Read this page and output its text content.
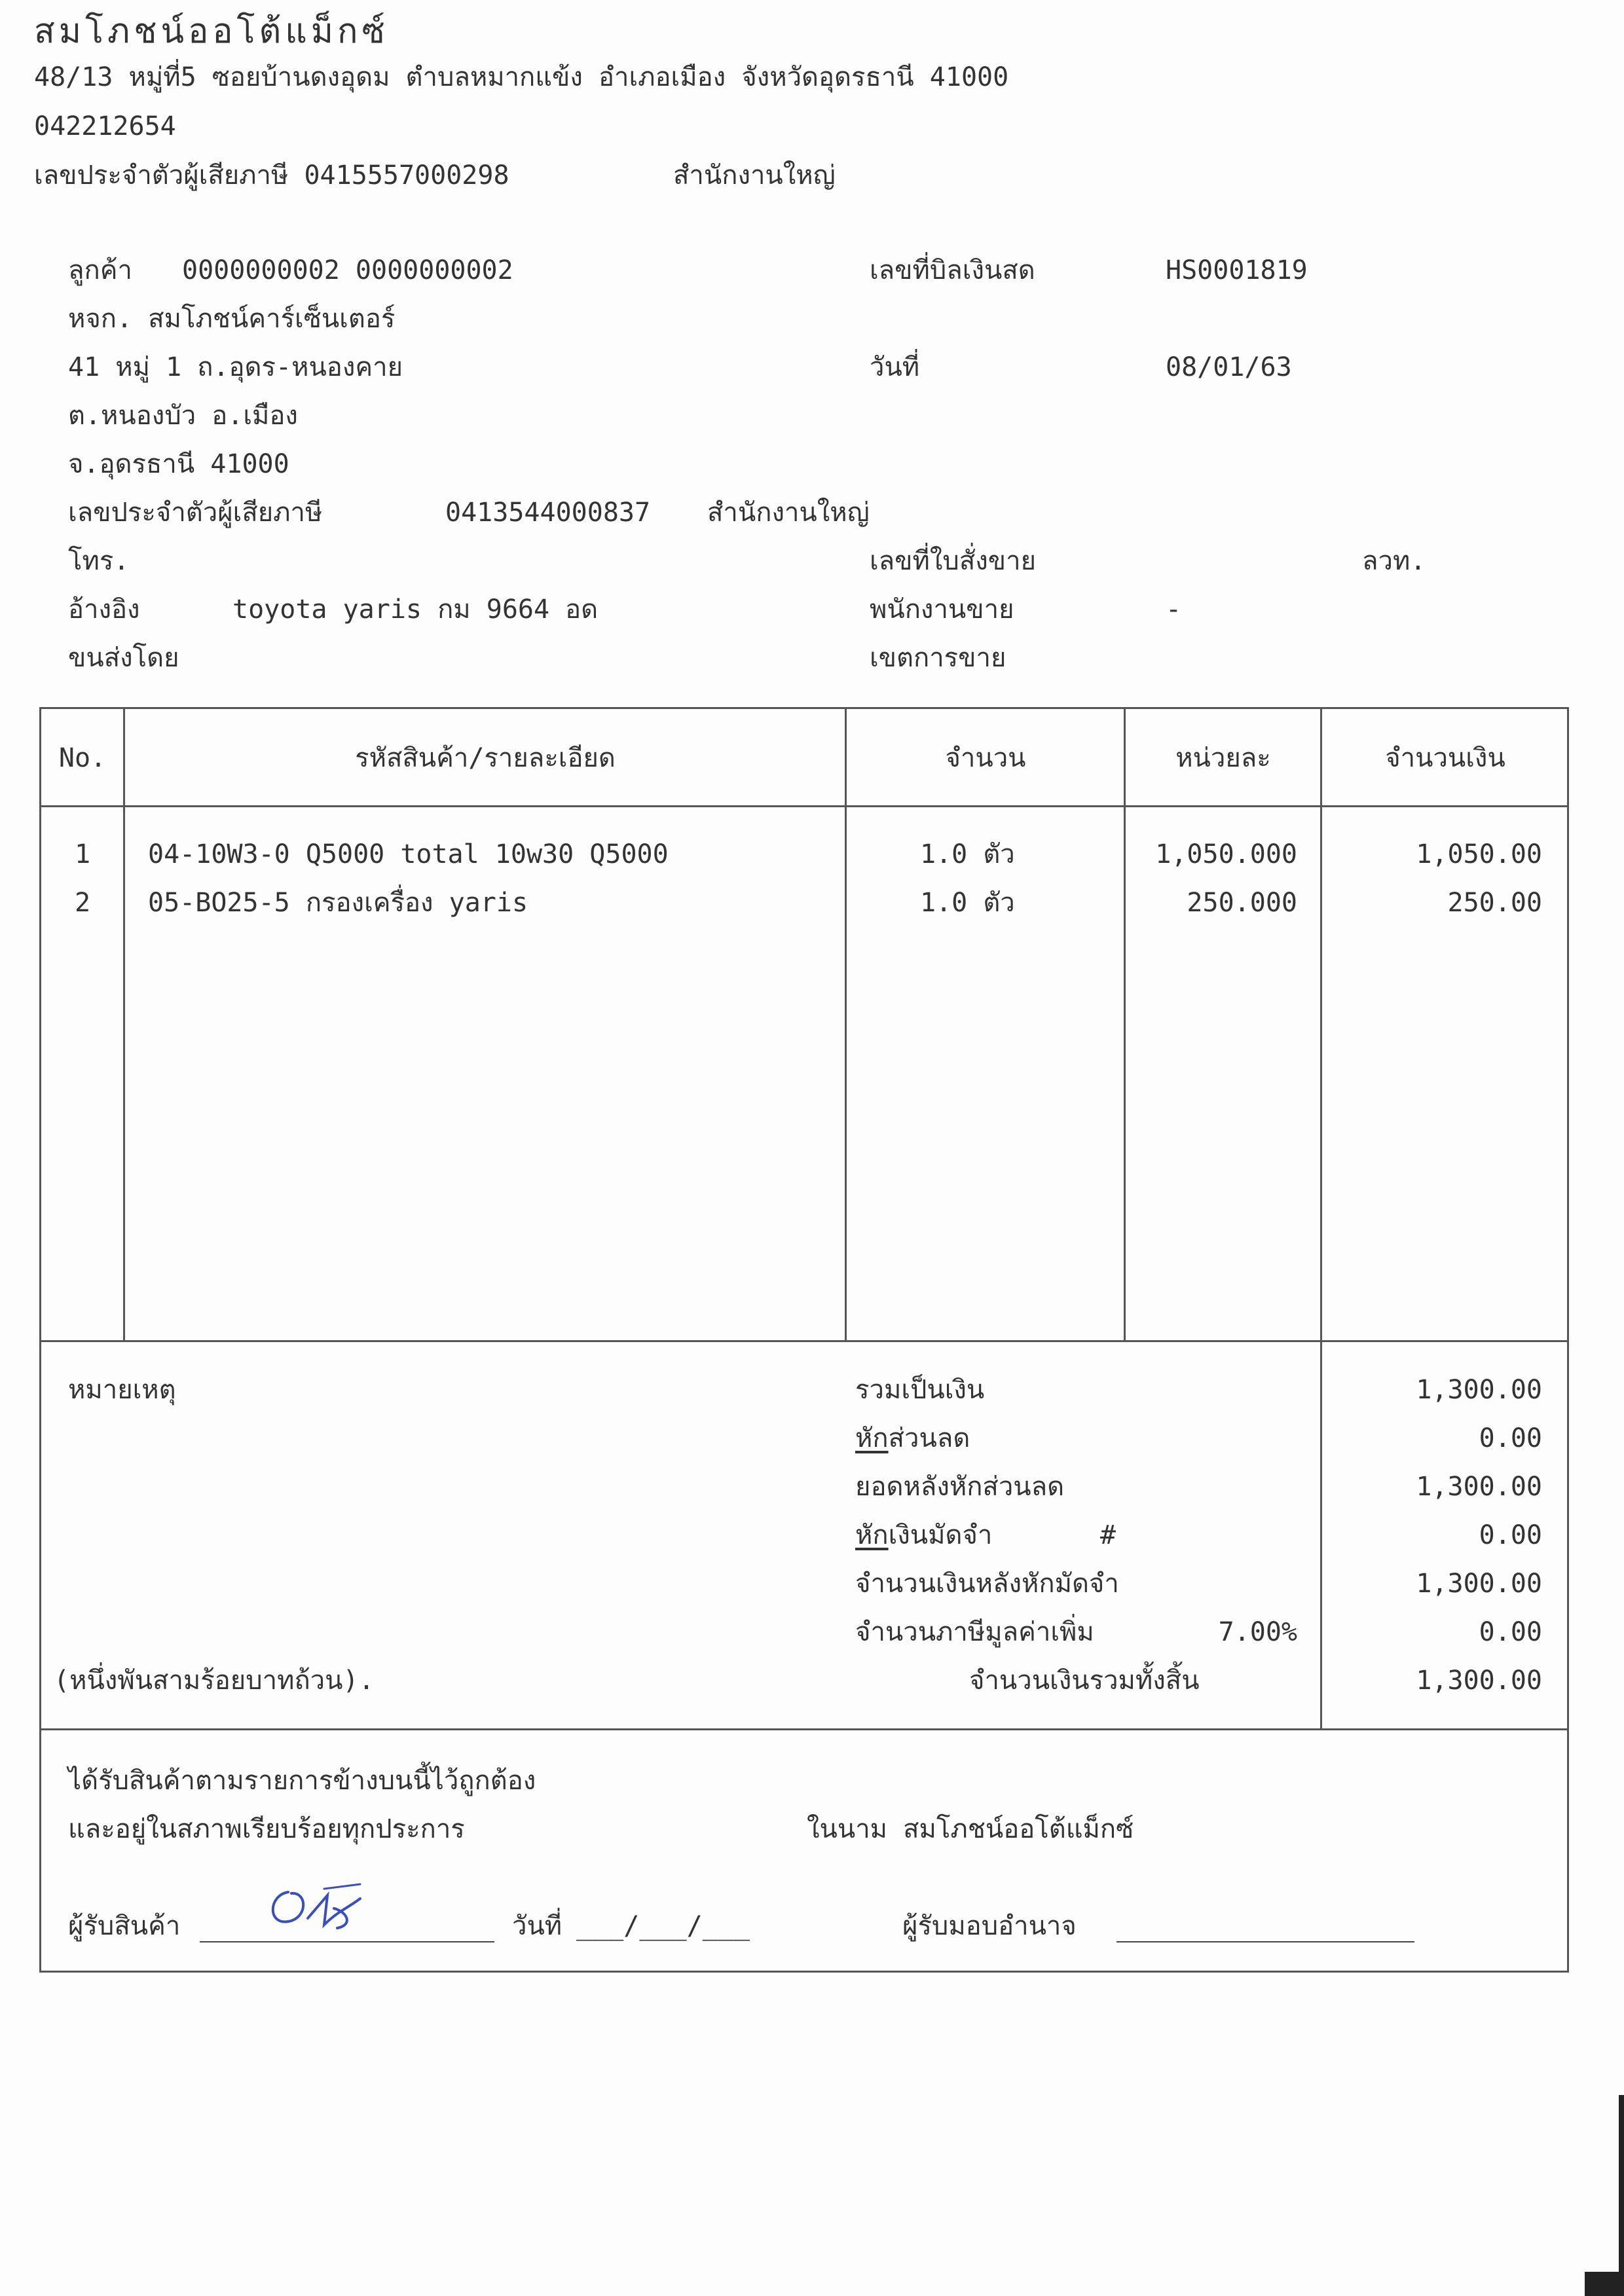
สมโภชน์ออโต้แม็กซ์
48/13 หมู่ที่5 ซอยบ้านดงอุดม ตำบลหมากแข้ง อำเภอเมือง จังหวัดอุดรธานี 41000
042212654
เลขประจำตัวผู้เสียภาษี 0415557000298	สำนักงานใหญ่
ลูกค้า 0000000002 0000000002
หจก. สมโภชน์คาร์เซ็นเตอร์
41 หมู่ 1 ถ.อุดร-หนองคาย
ต.หนองบัว อ.เมือง
จ.อุดรธานี 41000
เลขประจำตัวผู้เสียภาษี	0413544000837 สำนักงานใหญ่
โทร.
อ้างอิง	toyota yaris กม 9664 อด
ขนส่งโดย
เลขที่บิลเงินสด	HS0001819
วันที่	08/01/63
เลขที่ใบสั่งขาย	ลวท.
พนักงานขาย	-
เขตการขาย
No.	รหัสสินค้า/รายละเอียด	จำนวน	หน่วยละ	จำนวนเงิน
1	04-10W3-0 Q5000 total 10w30 Q5000	1.0 ตัว	1,050.000	1,050.00
2	05-BO25-5 กรองเครื่อง yaris	1.0 ตัว	250.000	250.00
หมายเหตุ	รวมเป็นเงิน	1,300.00
หักส่วนลด	0.00
ยอดหลังหักส่วนลด	1,300.00
หักเงินมัดจำ	#	0.00
จำนวนเงินหลังหักมัดจำ	1,300.00
จำนวนภาษีมูลค่าเพิ่ม	7.00%	0.00
(หนึ่งพันสามร้อยบาทถ้วน).	จำนวนเงินรวมทั้งสิ้น	1,300.00
ได้รับสินค้าตามรายการข้างบนนี้ไว้ถูกต้อง
และอยู่ในสภาพเรียบร้อยทุกประการ	ในนาม สมโภชน์ออโต้แม็กซ์
ผู้รับสินค้า	วันที่ ___/___/___	ผู้รับมอบอำนาจ
